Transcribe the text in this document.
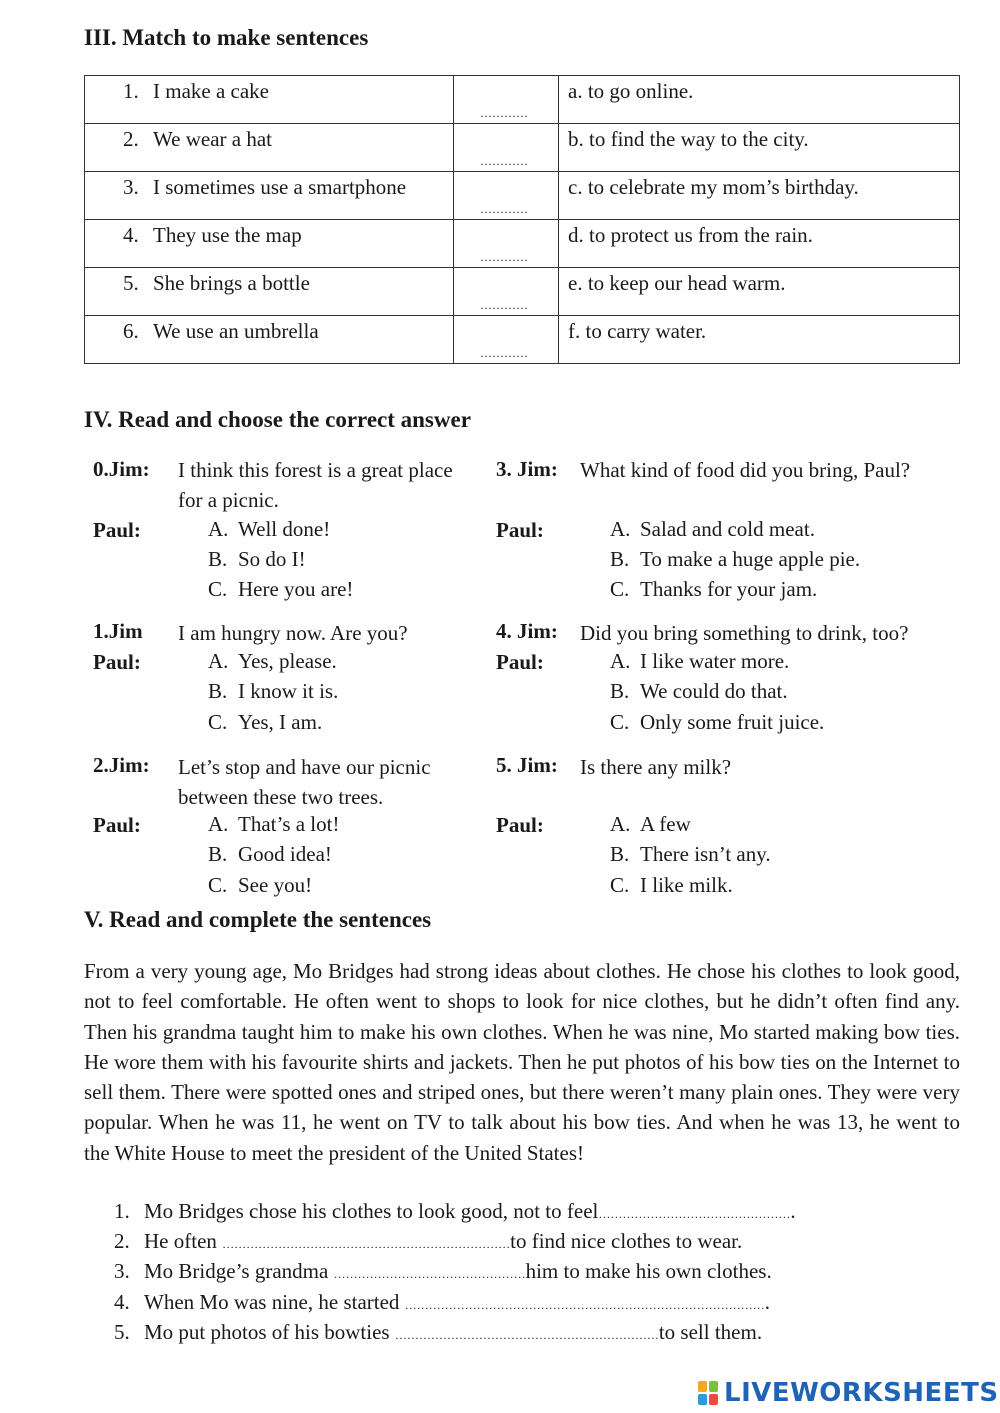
III. Match to make sentences
1. I make a cake	…………	a. to go online.

2. We wear a hat	…………	b. to find the way to the city.

3. I sometimes use a smartphone	…………	c. to celebrate my mom’s birthday.

4. They use the map	…………	d. to protect us from the rain.

5. She brings a bottle	…………	e. to keep our head warm.

6. We use an umbrella	…………	f. to carry water.
IV. Read and choose the correct answer
0.Jim: I think this forest is a great place for a picnic.
Paul:	A. Well done!
B. So do I!
C. Here you are!
1.Jim I am hungry now. Are you?
Paul:	A. Yes, please.
B. I know it is.
C. Yes, I am.
2.Jim: Let’s stop and have our picnic between these two trees.
Paul:	A. That’s a lot!
B. Good idea!
C. See you!
3. Jim: What kind of food did you bring, Paul?
Paul:	A. Salad and cold meat.
B. To make a huge apple pie.
C. Thanks for your jam.
4. Jim: Did you bring something to drink, too?
Paul:	A. I like water more.
B. We could do that.
C. Only some fruit juice.
5. Jim: Is there any milk?
Paul:	A. A few
B. There isn’t any.
C. I like milk.
V. Read and complete the sentences
From a very young age, Mo Bridges had strong ideas about clothes. He chose his clothes to look good, not to feel comfortable. He often went to shops to look for nice clothes, but he didn’t often find any. Then his grandma taught him to make his own clothes. When he was nine, Mo started making bow ties. He wore them with his favourite shirts and jackets. Then he put photos of his bow ties on the Internet to sell them. There were spotted ones and striped ones, but there weren’t many plain ones. They were very popular. When he was 11, he went on TV to talk about his bow ties. And when he was 13, he went to the White House to meet the president of the United States!
1. Mo Bridges chose his clothes to look good, not to feel………………………………………….
2. He often ………………………………………………………………to find nice clothes to wear.
3. Mo Bridge’s grandma …………………………………………him to make his own clothes.
4. When Mo was nine, he started ……………………………………………………………………………….
5. Mo put photos of his bowties …………………………………………………………to sell them.
LIVEWORKSHEETS
